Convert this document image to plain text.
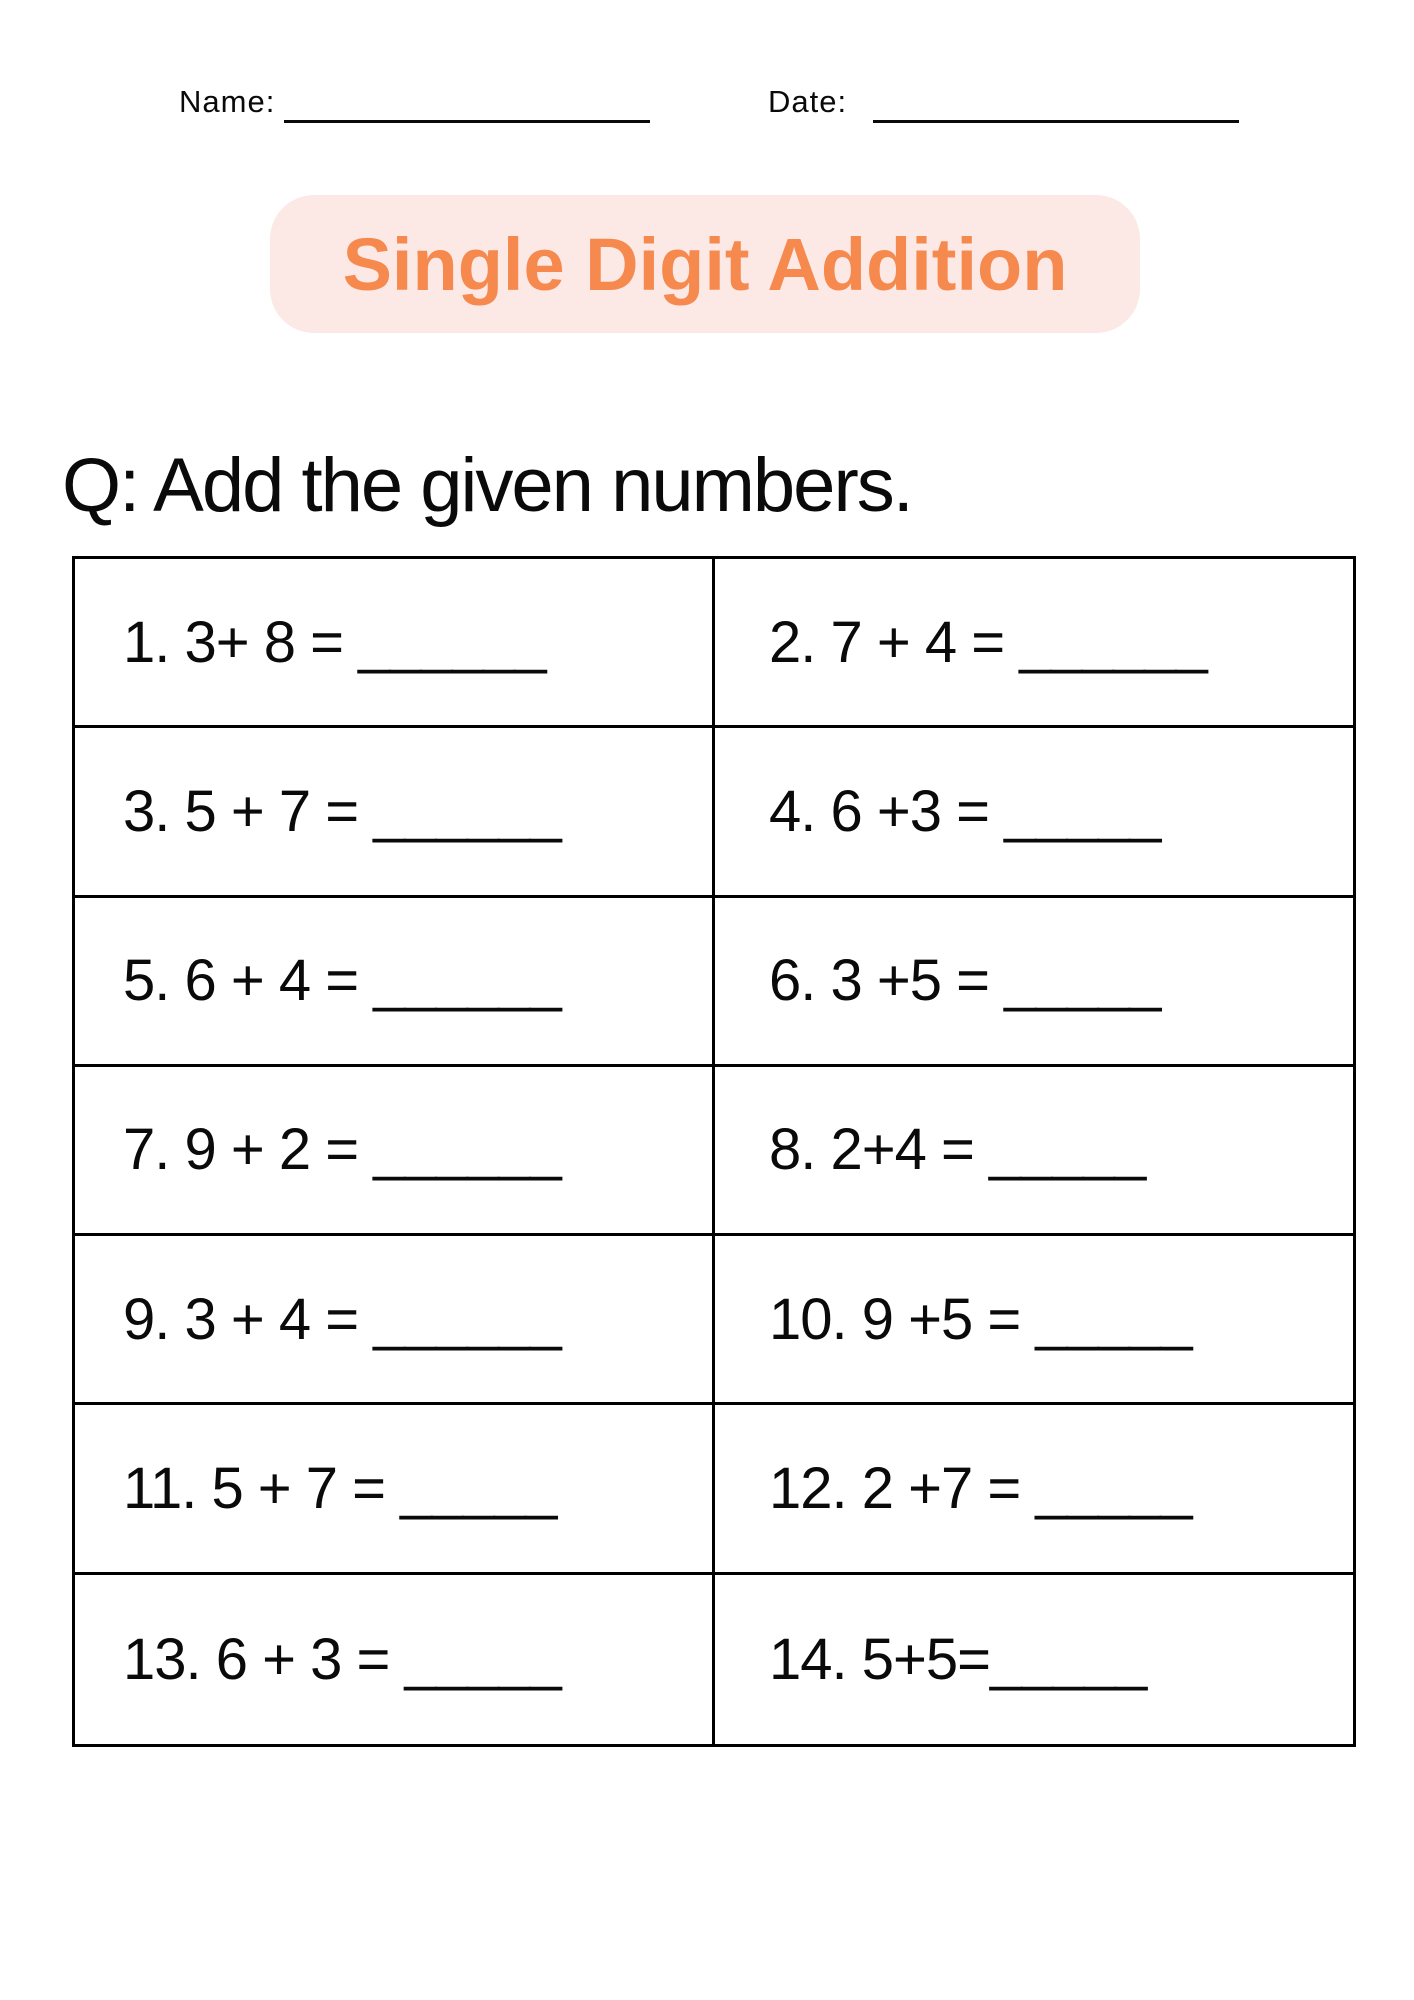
Name:	Date:
Single Digit Addition
Q: Add the given numbers.
1. 3+ 8 = ______	2. 7 + 4 = ______
3. 5 + 7 = ______	4. 6 +3 = _____
5. 6 + 4 = ______	6. 3 +5 = _____
7. 9 + 2 = ______	8. 2+4 = _____
9. 3 + 4 = ______	10. 9 +5 = _____
11. 5 + 7 = _____	12. 2 +7 = _____
13. 6 + 3 = _____	14. 5+5=_____
